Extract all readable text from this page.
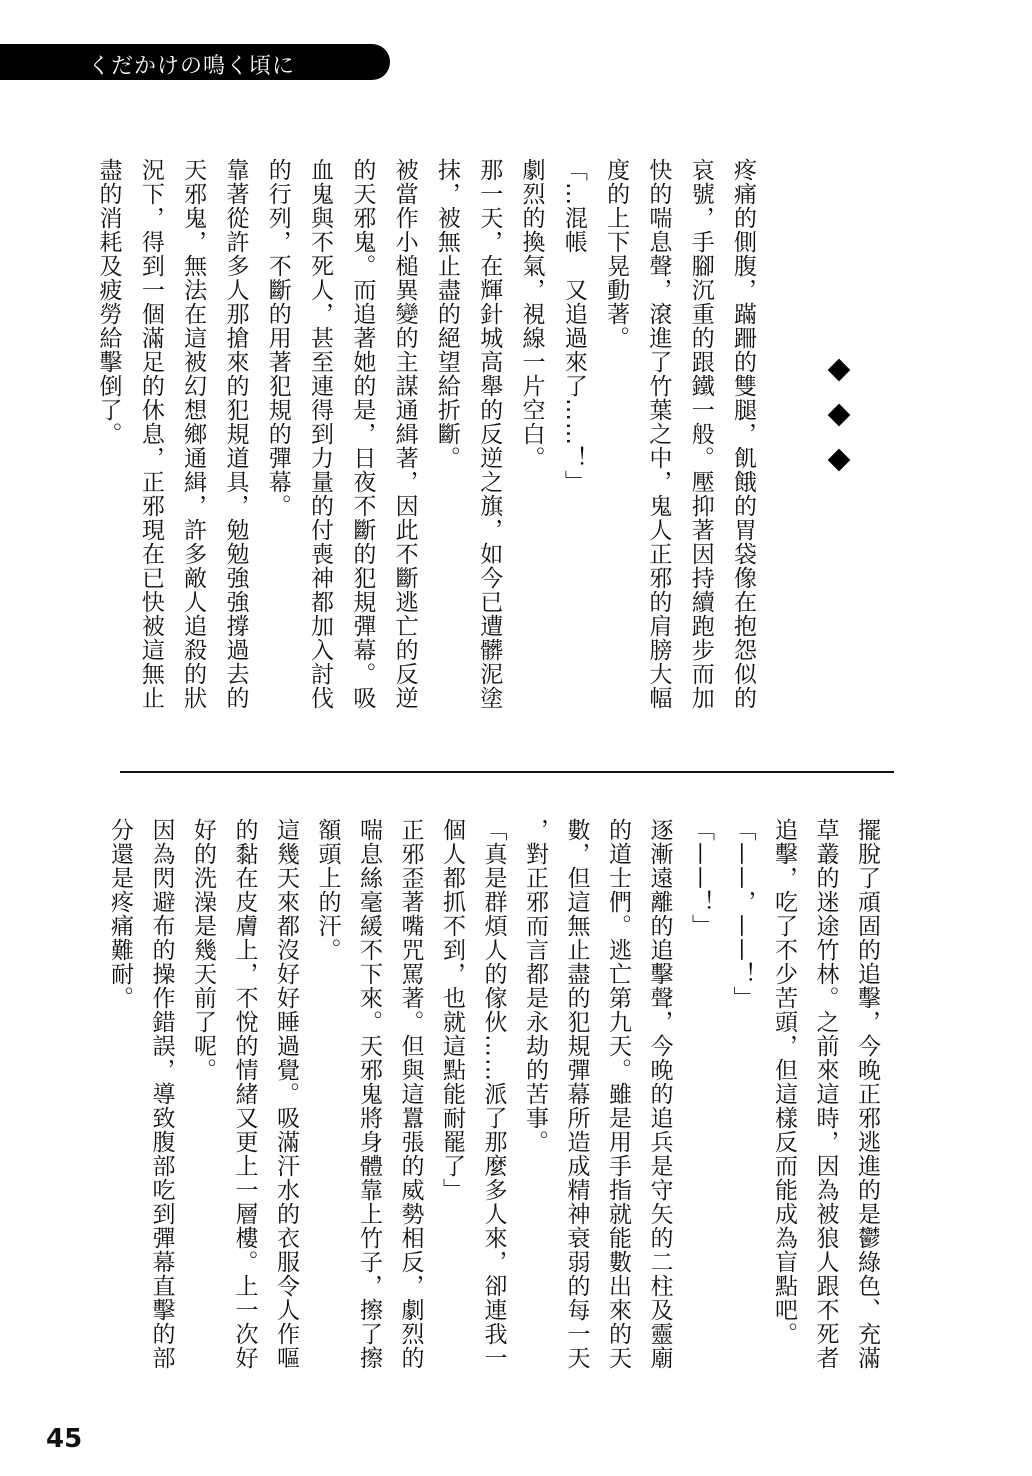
くだかけの鳴く頃に
疼痛的側腹，蹣跚的雙腿，飢餓的胃袋像在抱怨似的
哀號，手腳沉重的跟鐵一般。壓抑著因持續跑步而加
快的喘息聲，滾進了竹葉之中，鬼人正邪的肩膀大幅
度的上下晃動著。
「…混帳　又追過來了……！」
劇烈的換氣，視線一片空白。
那一天，在輝針城高舉的反逆之旗，如今已遭髒泥塗
抹，被無止盡的絕望給折斷。
被當作小槌異變的主謀通緝著，因此不斷逃亡的反逆
的天邪鬼。而追著她的是，日夜不斷的犯規彈幕。吸
血鬼與不死人，甚至連得到力量的付喪神都加入討伐
的行列，不斷的用著犯規的彈幕。
靠著從許多人那搶來的犯規道具，勉勉強強撐過去的
天邪鬼，無法在這被幻想鄉通緝，許多敵人追殺的狀
況下，得到一個滿足的休息，正邪現在已快被這無止
盡的消耗及疲勞給擊倒了。
擺脫了頑固的追擊，今晚正邪逃進的是鬱綠色、充滿
草叢的迷途竹林。之前來這時，因為被狼人跟不死者
追擊，吃了不少苦頭，但這樣反而能成為盲點吧。
「——，——！」
「——！」
逐漸遠離的追擊聲，今晚的追兵是守矢的二柱及靈廟
的道士們。逃亡第九天。雖是用手指就能數出來的天
數，但這無止盡的犯規彈幕所造成精神衰弱的每一天
，對正邪而言都是永劫的苦事。
「真是群煩人的傢伙……派了那麼多人來，卻連我一
個人都抓不到，也就這點能耐罷了」
正邪歪著嘴咒罵著。但與這囂張的威勢相反，劇烈的
喘息絲毫緩不下來。天邪鬼將身體靠上竹子，擦了擦
額頭上的汗。
這幾天來都沒好好睡過覺。吸滿汗水的衣服令人作嘔
的黏在皮膚上，不悅的情緒又更上一層樓。上一次好
好的洗澡是幾天前了呢。
因為閃避布的操作錯誤，導致腹部吃到彈幕直擊的部
分還是疼痛難耐。
45
